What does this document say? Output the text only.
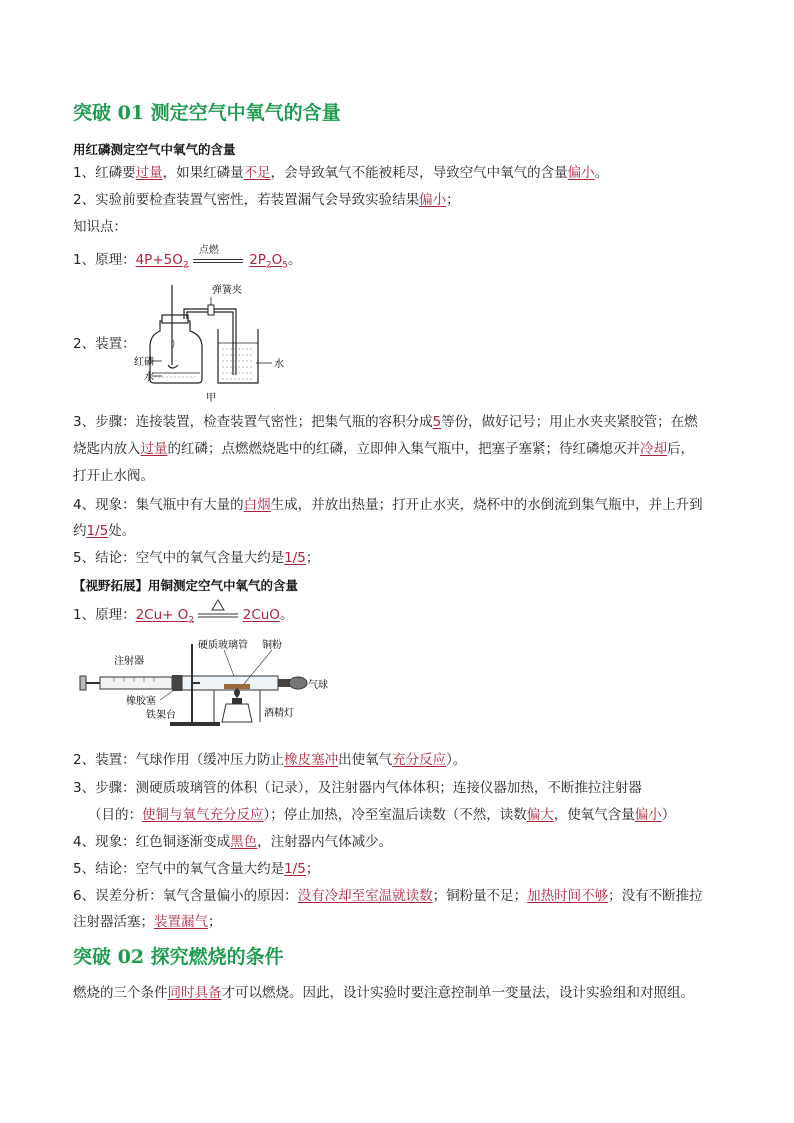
突破 01 测定空气中氧气的含量
用红磷测定空气中氧气的含量
1、红磷要过量，如果红磷量不足，会导致氧气不能被耗尽，导致空气中氧气的含量偏小。
2、实验前要检查装置气密性，若装置漏气会导致实验结果偏小；
知识点：
1、原理：$4P+5O_2$
点燃
$2P_2O_5$。
2、装置：
弹簧夹
水
红磷
水
甲
3、步骤：连接装置，检查装置气密性；把集气瓶的容积分成5等份，做好记号；用止水夹夹紧胶管；在燃
烧匙内放入过量的红磷；点燃燃烧匙中的红磷，立即伸入集气瓶中，把塞子塞紧；待红磷熄灭并冷却后，
打开止水阀。
4、现象：集气瓶中有大量的白烟生成，并放出热量；打开止水夹，烧杯中的水倒流到集气瓶中，并上升到
约1/5处。
5、结论：空气中的氧气含量大约是1/5；
【视野拓展】用铜测定空气中氧气的含量
1、原理：$2Cu+ O_2$	2CuO。
注射器
硬质玻璃管 铜粉
气球
橡胶塞
铁架台	酒精灯
2、装置：气球作用（缓冲压力防止橡皮塞冲出使氧气充分反应）。
3、步骤：测硬质玻璃管的体积（记录），及注射器内气体体积；连接仪器加热，不断推拉注射器
（目的：使铜与氧气充分反应）；停止加热，冷至室温后读数（不然，读数偏大，使氧气含量偏小）
4、现象：红色铜逐渐变成黑色，注射器内气体减少。
5、结论：空气中的氧气含量大约是1/5；
6、误差分析：氧气含量偏小的原因：没有冷却至室温就读数；铜粉量不足；加热时间不够；没有不断推拉
注射器活塞；装置漏气；
突破 02 探究燃烧的条件
燃烧的三个条件同时具备才可以燃烧。因此，设计实验时要注意控制单一变量法，设计实验组和对照组。
